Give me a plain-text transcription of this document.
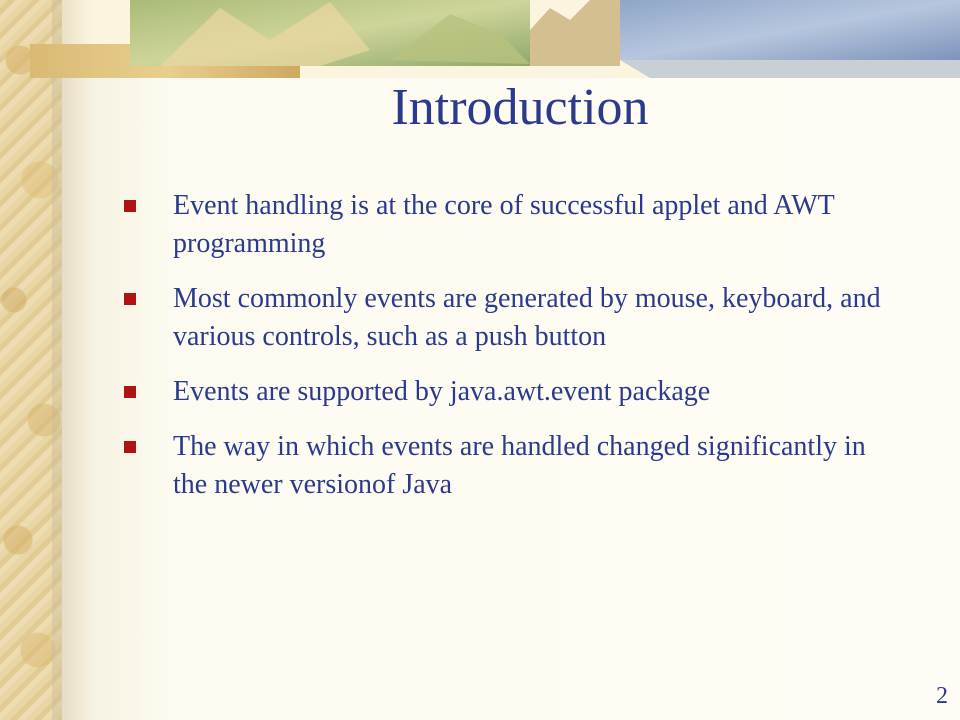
Introduction
Event handling is at the core of successful applet and AWT programming
Most commonly events are generated by mouse, keyboard, and various controls, such as a push button
Events are supported by java.awt.event package
The way in which events are handled changed significantly in the newer versionof Java
2
